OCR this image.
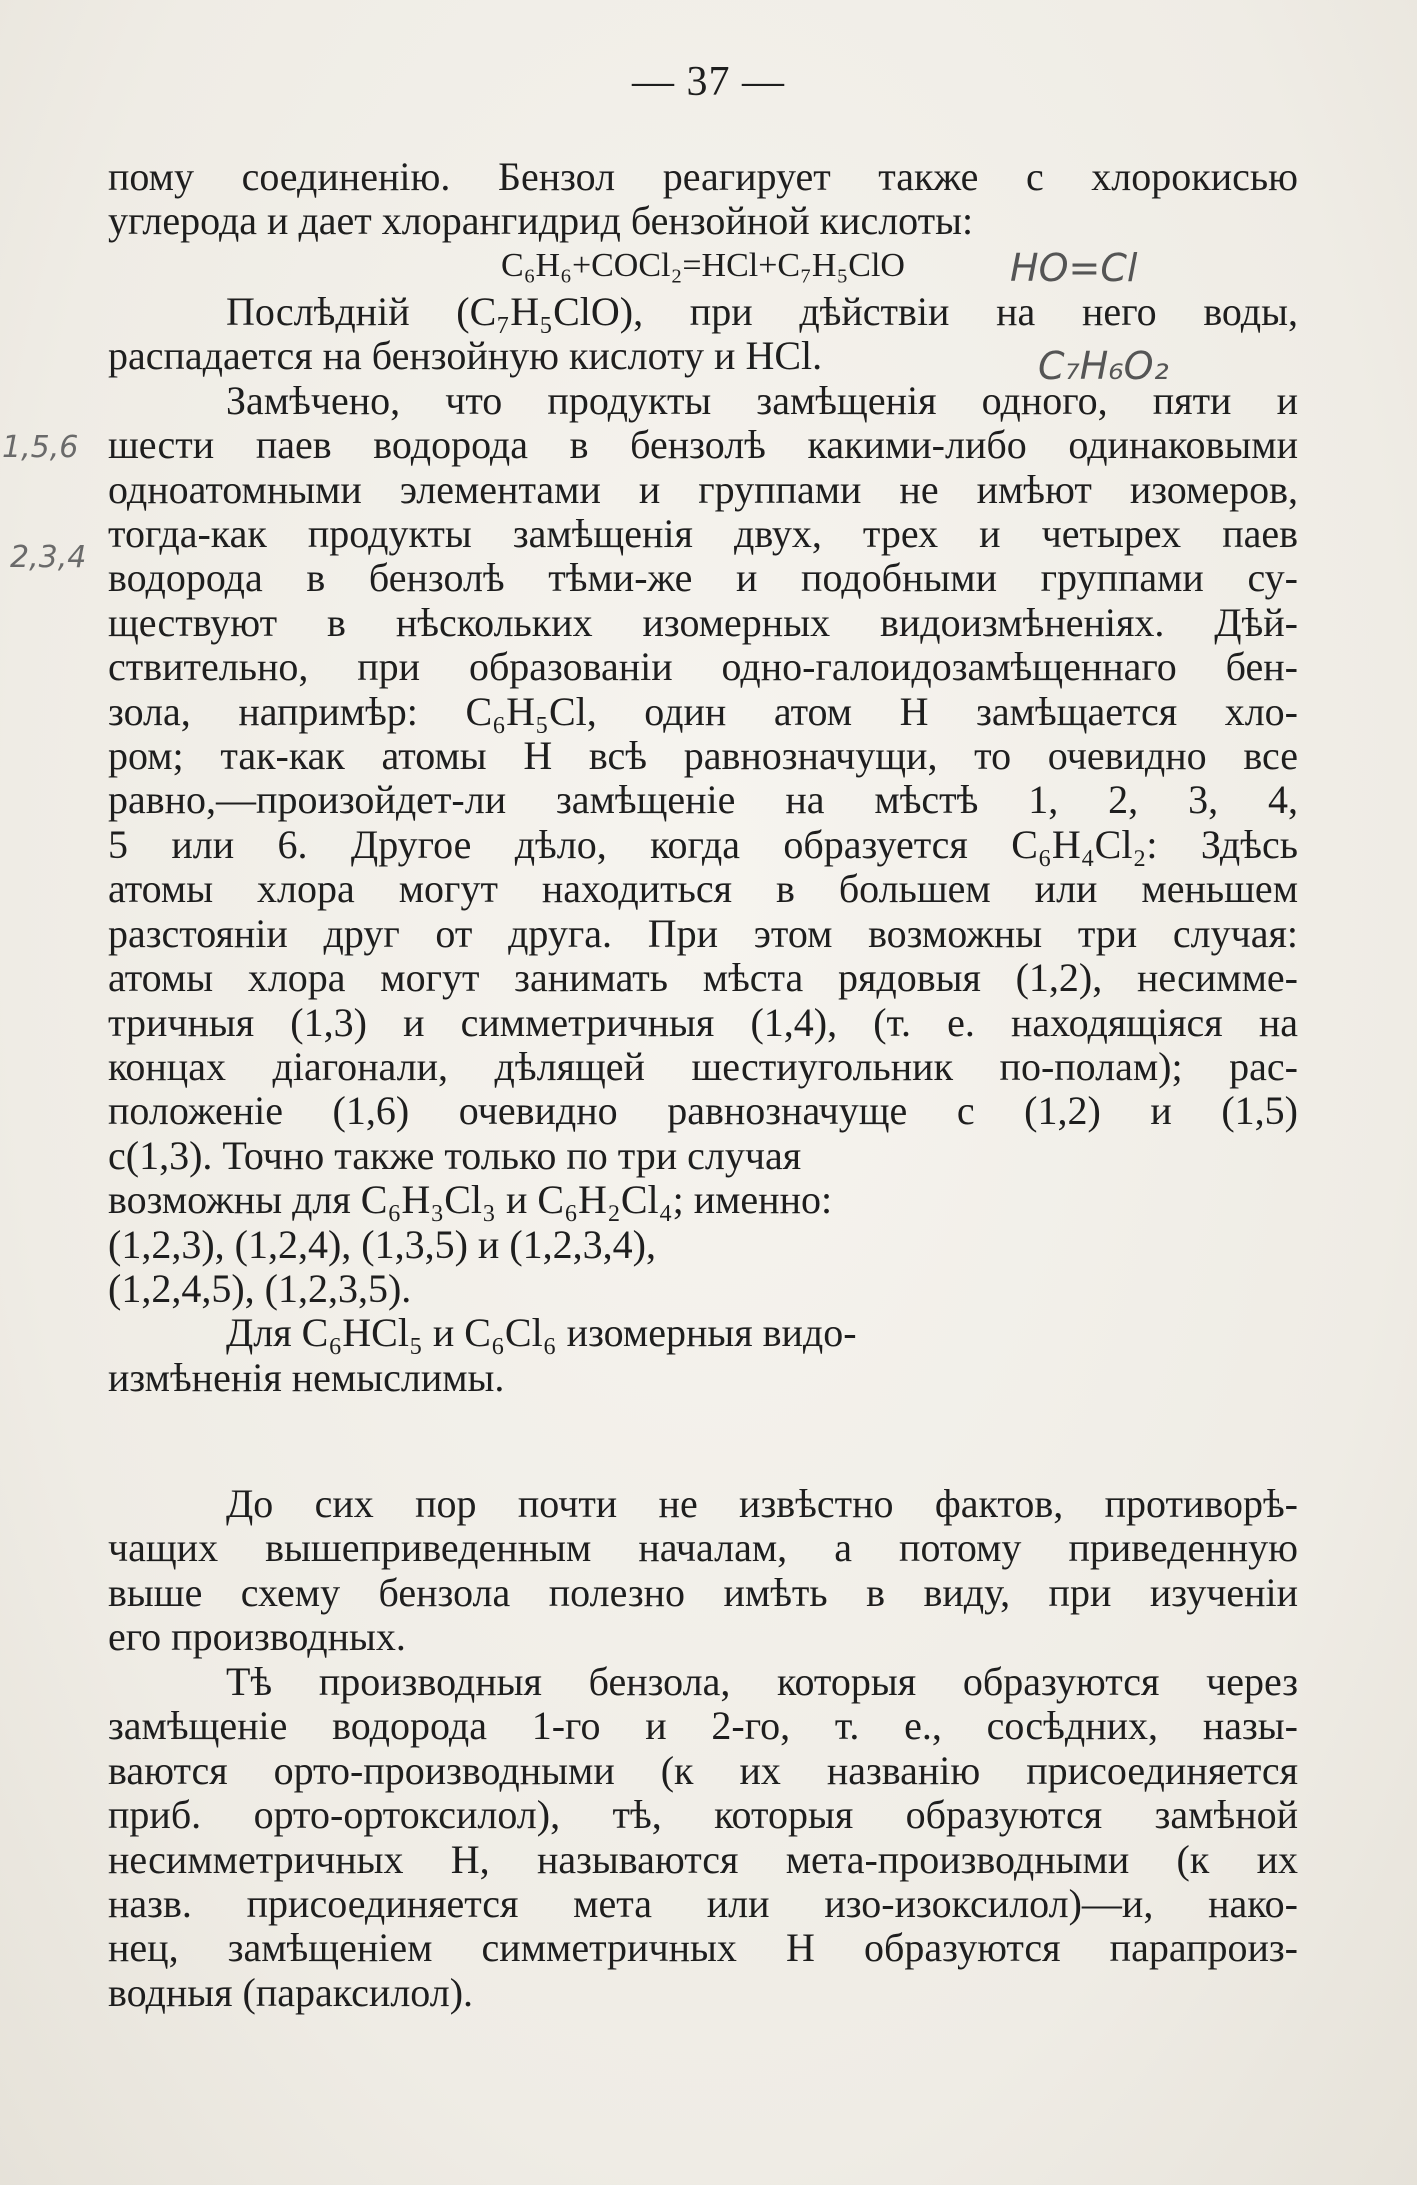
— 37 —
пому соединенію. Бензол реагирует также с хлорокисью
углерода и дает хлорангидрид бензойной кислоты:
C₆H₆+COCl₂=HCl+C₇H₅ClO
Послѣдній (C₇H₅ClO), при дѣйствіи на него воды,
распадается на бензойную кислоту и HCl.
Замѣчено, что продукты замѣщенія одного, пяти и
шести паев водорода в бензолѣ какими-либо одинаковыми
одноатомными элементами и группами не имѣют изомеров,
тогда-как продукты замѣщенія двух, трех и четырех паев
водорода в бензолѣ тѣми-же и подобными группами су-
ществуют в нѣскольких изомерных видоизмѣненіях. Дѣй-
ствительно, при образованіи одно-галоидозамѣщеннаго бен-
зола, напримѣр: C₆H₅Cl, один атом H замѣщается хло-
ром; так-как атомы H всѣ равнозначущи, то очевидно все
равно,—произойдет-ли замѣщеніе на мѣстѣ 1, 2, 3, 4,
5 или 6. Другое дѣло, когда образуется C₆H₄Cl₂: Здѣсь
атомы хлора могут находиться в большем или меньшем
разстояніи друг от друга. При этом возможны три случая:
атомы хлора могут занимать мѣста рядовыя (1,2), несимме-
тричныя (1,3) и симметричныя (1,4), (т. е. находящіяся на
концах діагонали, дѣлящей шестиугольник по-полам); рас-
положеніе (1,6) очевидно равнозначуще с (1,2) и (1,5)
с(1,3). Точно также только по три случая
возможны для C₆H₃Cl₃ и C₆H₂Cl₄; именно:
(1,2,3), (1,2,4), (1,3,5) и (1,2,3,4),
(1,2,4,5), (1,2,3,5).
Для C₆HCl₅ и C₆Cl₆ изомерныя видо-
измѣненія немыслимы.
До сих пор почти не извѣстно фактов, противорѣ-
чащих вышеприведенным началам, а потому приведенную
выше схему бензола полезно имѣть в виду, при изученіи
его производных.
Тѣ производныя бензола, которыя образуются через
замѣщеніе водорода 1-го и 2-го, т. е., сосѣдних, назы-
ваются орто-производными (к их названію присоединяется
приб. орто-ортоксилол), тѣ, которыя образуются замѣной
несимметричных H, называются мета-производными (к их
назв. присоединяется мета или изо-изоксилол)—и, нако-
нец, замѣщеніем симметричных H образуются парапроиз-
водныя (параксилол).
HO=Cl
C₇H₆O₂
1,5,6
2,3,4
